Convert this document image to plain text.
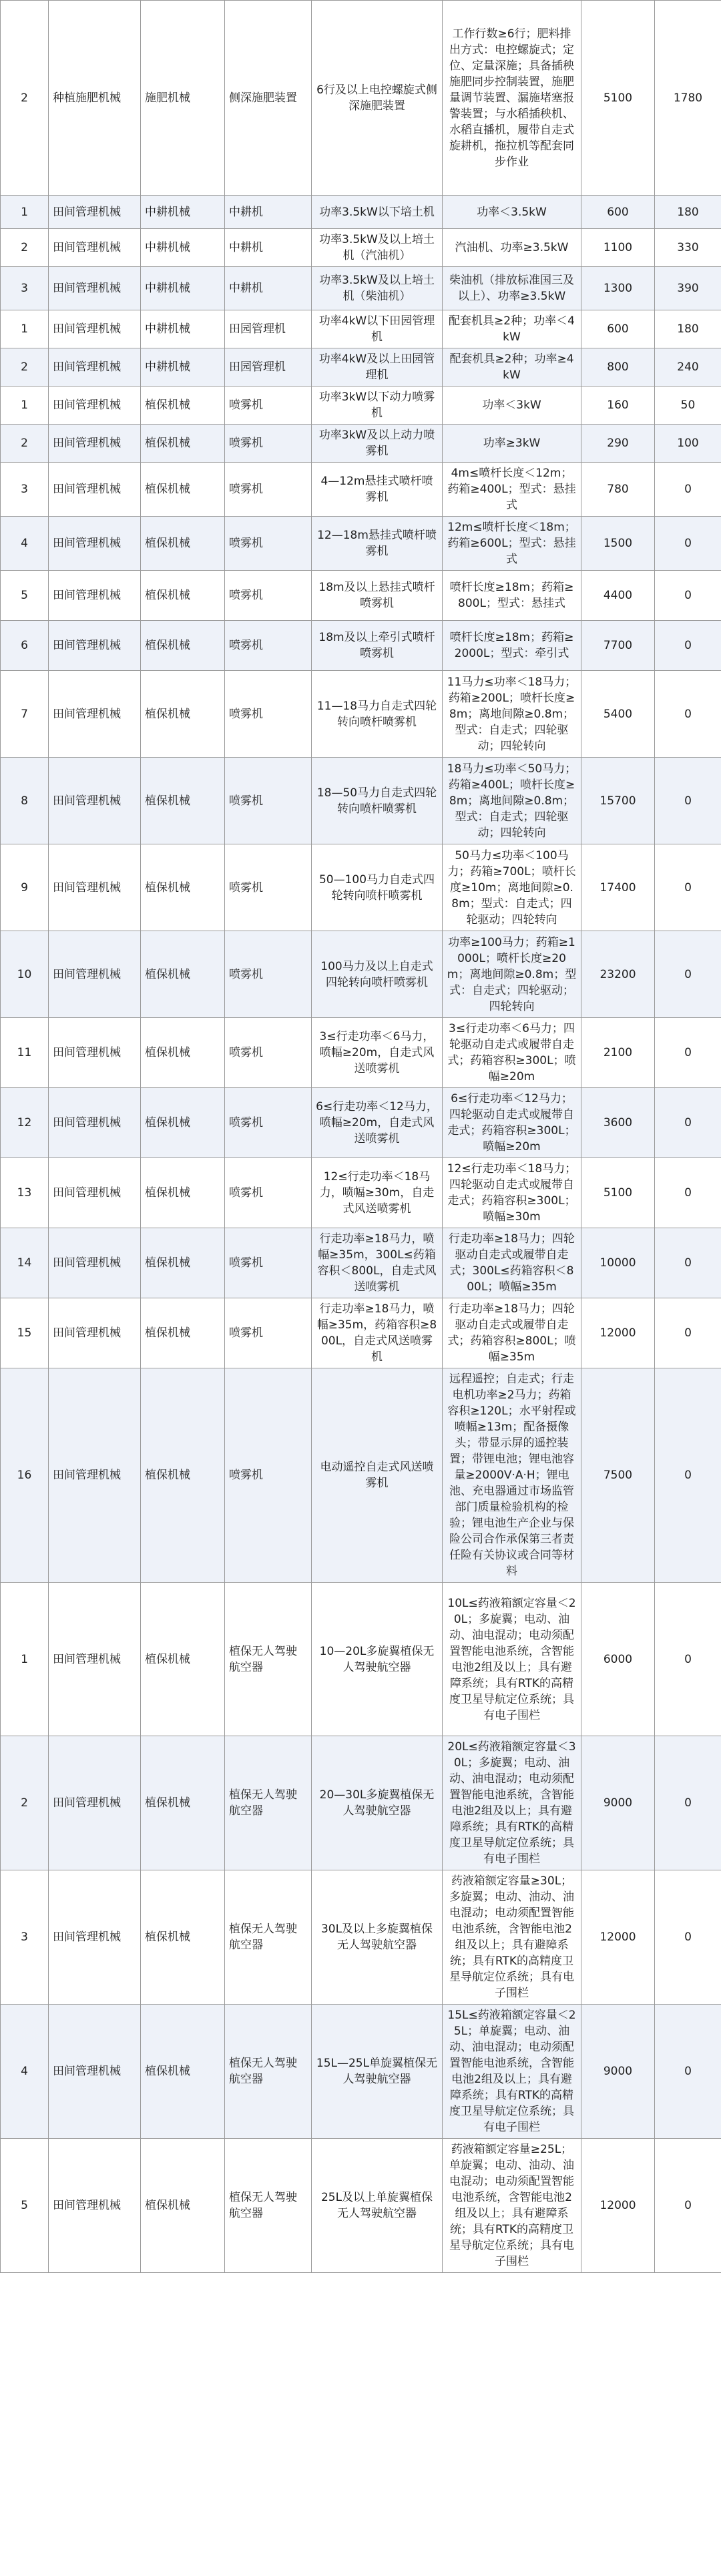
2	种植施肥机械	施肥机械	侧深施肥装置	6行及以上电控螺旋式侧深施肥装置	工作行数≥6行；肥料排出方式：电控螺旋式；定位、定量深施；具备插秧施肥同步控制装置，施肥量调节装置、漏施堵塞报警装置；与水稻插秧机、水稻直播机，履带自走式旋耕机，拖拉机等配套同步作业	5100	1780
1	田间管理机械	中耕机械	中耕机	功率3.5kW以下培土机	功率＜3.5kW	600	180
2	田间管理机械	中耕机械	中耕机	功率3.5kW及以上培土机（汽油机）	汽油机、功率≥3.5kW	1100	330
3	田间管理机械	中耕机械	中耕机	功率3.5kW及以上培土机（柴油机）	柴油机（排放标准国三及以上）、功率≥3.5kW	1300	390
1	田间管理机械	中耕机械	田园管理机	功率4kW以下田园管理机	配套机具≥2种；功率＜4kW	600	180
2	田间管理机械	中耕机械	田园管理机	功率4kW及以上田园管理机	配套机具≥2种；功率≥4kW	800	240
1	田间管理机械	植保机械	喷雾机	功率3kW以下动力喷雾机	功率＜3kW	160	50
2	田间管理机械	植保机械	喷雾机	功率3kW及以上动力喷雾机	功率≥3kW	290	100
3	田间管理机械	植保机械	喷雾机	4—12m悬挂式喷杆喷雾机	4m≤喷杆长度＜12m；药箱≥400L；型式：悬挂式	780	0
4	田间管理机械	植保机械	喷雾机	12—18m悬挂式喷杆喷雾机	12m≤喷杆长度＜18m；药箱≥600L；型式：悬挂式	1500	0
5	田间管理机械	植保机械	喷雾机	18m及以上悬挂式喷杆喷雾机	喷杆长度≥18m；药箱≥800L；型式：悬挂式	4400	0
6	田间管理机械	植保机械	喷雾机	18m及以上牵引式喷杆喷雾机	喷杆长度≥18m；药箱≥2000L；型式：牵引式	7700	0
7	田间管理机械	植保机械	喷雾机	11—18马力自走式四轮转向喷杆喷雾机	11马力≤功率＜18马力；药箱≥200L；喷杆长度≥8m；离地间隙≥0.8m；型式：自走式；四轮驱动；四轮转向	5400	0
8	田间管理机械	植保机械	喷雾机	18—50马力自走式四轮转向喷杆喷雾机	18马力≤功率＜50马力；药箱≥400L；喷杆长度≥8m；离地间隙≥0.8m；型式：自走式；四轮驱动；四轮转向	15700	0
9	田间管理机械	植保机械	喷雾机	50—100马力自走式四轮转向喷杆喷雾机	50马力≤功率＜100马力；药箱≥700L；喷杆长度≥10m；离地间隙≥0.8m；型式：自走式；四轮驱动；四轮转向	17400	0
10	田间管理机械	植保机械	喷雾机	100马力及以上自走式四轮转向喷杆喷雾机	功率≥100马力；药箱≥1000L；喷杆长度≥20m；离地间隙≥0.8m；型式：自走式；四轮驱动；四轮转向	23200	0
11	田间管理机械	植保机械	喷雾机	3≤行走功率＜6马力，喷幅≥20m，自走式风送喷雾机	3≤行走功率＜6马力；四轮驱动自走式或履带自走式；药箱容积≥300L；喷幅≥20m	2100	0
12	田间管理机械	植保机械	喷雾机	6≤行走功率＜12马力，喷幅≥20m，自走式风送喷雾机	6≤行走功率＜12马力；四轮驱动自走式或履带自走式；药箱容积≥300L；喷幅≥20m	3600	0
13	田间管理机械	植保机械	喷雾机	12≤行走功率＜18马力，喷幅≥30m，自走式风送喷雾机	12≤行走功率＜18马力；四轮驱动自走式或履带自走式；药箱容积≥300L；喷幅≥30m	5100	0
14	田间管理机械	植保机械	喷雾机	行走功率≥18马力，喷幅≥35m，300L≤药箱容积＜800L，自走式风送喷雾机	行走功率≥18马力；四轮驱动自走式或履带自走式；300L≤药箱容积＜800L；喷幅≥35m	10000	0
15	田间管理机械	植保机械	喷雾机	行走功率≥18马力，喷幅≥35m，药箱容积≥800L，自走式风送喷雾机	行走功率≥18马力；四轮驱动自走式或履带自走式；药箱容积≥800L；喷幅≥35m	12000	0
16	田间管理机械	植保机械	喷雾机	电动遥控自走式风送喷雾机	远程遥控；自走式；行走电机功率≥2马力；药箱容积≥120L；水平射程或喷幅≥13m；配备摄像头；带显示屏的遥控装置；带锂电池；锂电池容量≥2000V·A·H；锂电池、充电器通过市场监管部门质量检验机构的检验；锂电池生产企业与保险公司合作承保第三者责任险有关协议或合同等材料	7500	0
1	田间管理机械	植保机械	植保无人驾驶航空器	10—20L多旋翼植保无人驾驶航空器	10L≤药液箱额定容量＜20L；多旋翼；电动、油动、油电混动；电动须配置智能电池系统，含智能电池2组及以上；具有避障系统；具有RTK的高精度卫星导航定位系统；具有电子围栏	6000	0
2	田间管理机械	植保机械	植保无人驾驶航空器	20—30L多旋翼植保无人驾驶航空器	20L≤药液箱额定容量＜30L；多旋翼；电动、油动、油电混动；电动须配置智能电池系统，含智能电池2组及以上；具有避障系统；具有RTK的高精度卫星导航定位系统；具有电子围栏	9000	0
3	田间管理机械	植保机械	植保无人驾驶航空器	30L及以上多旋翼植保无人驾驶航空器	药液箱额定容量≥30L；多旋翼；电动、油动、油电混动；电动须配置智能电池系统，含智能电池2组及以上；具有避障系统；具有RTK的高精度卫星导航定位系统；具有电子围栏	12000	0
4	田间管理机械	植保机械	植保无人驾驶航空器	15L—25L单旋翼植保无人驾驶航空器	15L≤药液箱额定容量＜25L；单旋翼；电动、油动、油电混动；电动须配置智能电池系统，含智能电池2组及以上；具有避障系统；具有RTK的高精度卫星导航定位系统；具有电子围栏	9000	0
5	田间管理机械	植保机械	植保无人驾驶航空器	25L及以上单旋翼植保无人驾驶航空器	药液箱额定容量≥25L；单旋翼；电动、油动、油电混动；电动须配置智能电池系统，含智能电池2组及以上；具有避障系统；具有RTK的高精度卫星导航定位系统；具有电子围栏	12000	0
